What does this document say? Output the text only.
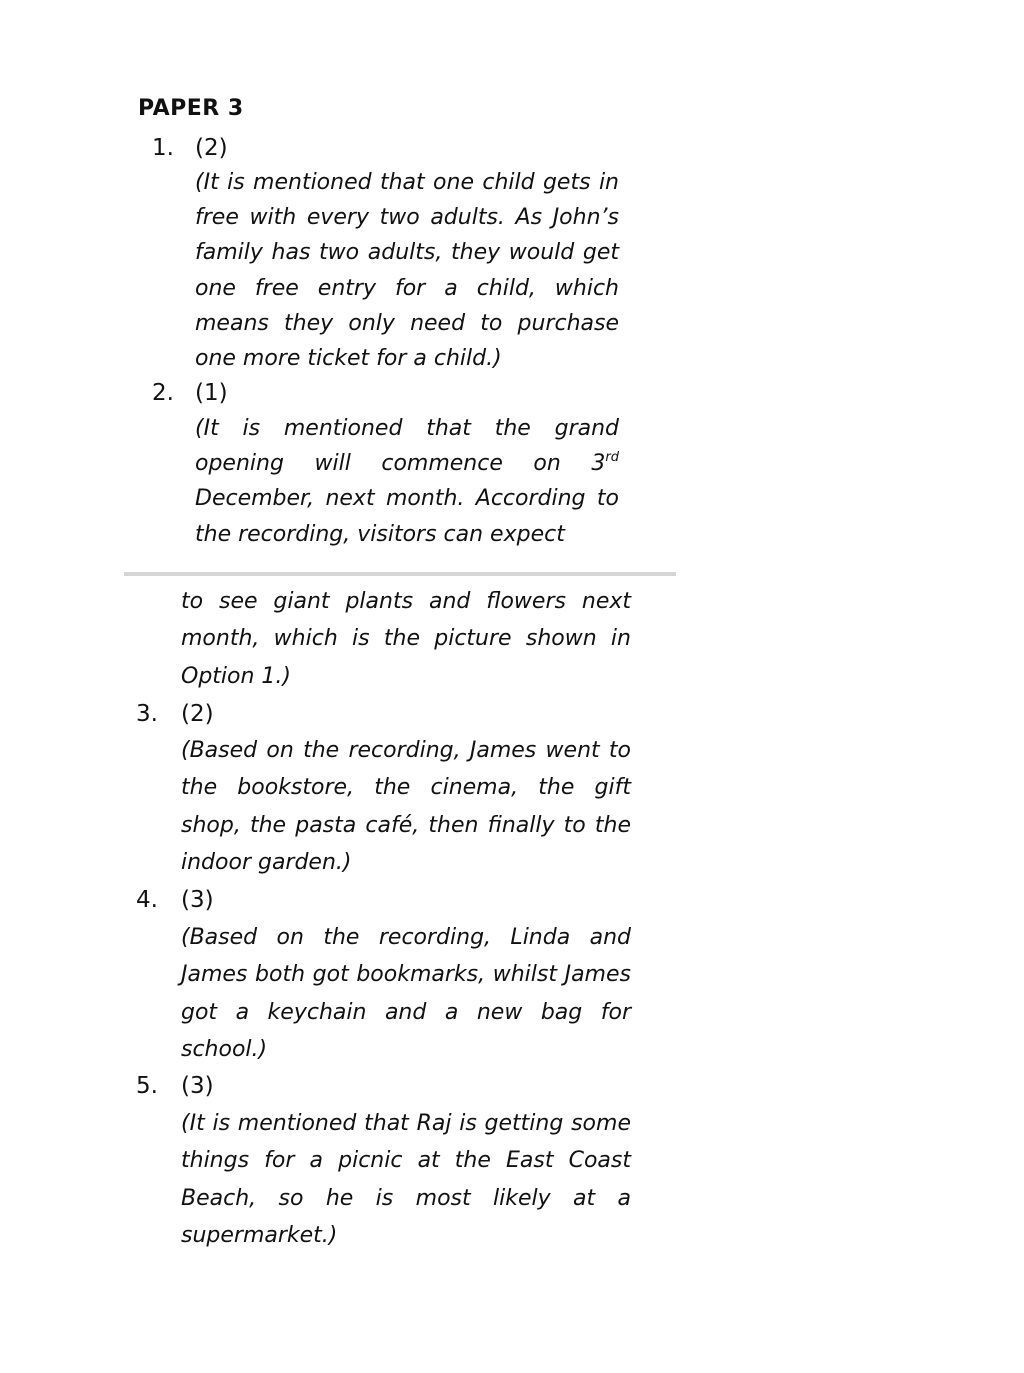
PAPER 3
1. (2)

(It is mentioned that one child gets in free with every two adults. As John’s family has two adults, they would get one free entry for a child, which means they only need to purchase one more ticket for a child.)

2. (1)

(It is mentioned that the grand opening will commence on 3rd December, next month. According to the recording, visitors can expect

to see giant plants and flowers next month, which is the picture shown in Option 1.)

3. (2)

(Based on the recording, James went to the bookstore, the cinema, the gift shop, the pasta café, then finally to the indoor garden.)

4. (3)

(Based on the recording, Linda and James both got bookmarks, whilst James got a keychain and a new bag for school.)

5. (3)

(It is mentioned that Raj is getting some things for a picnic at the East Coast Beach, so he is most likely at a supermarket.)
